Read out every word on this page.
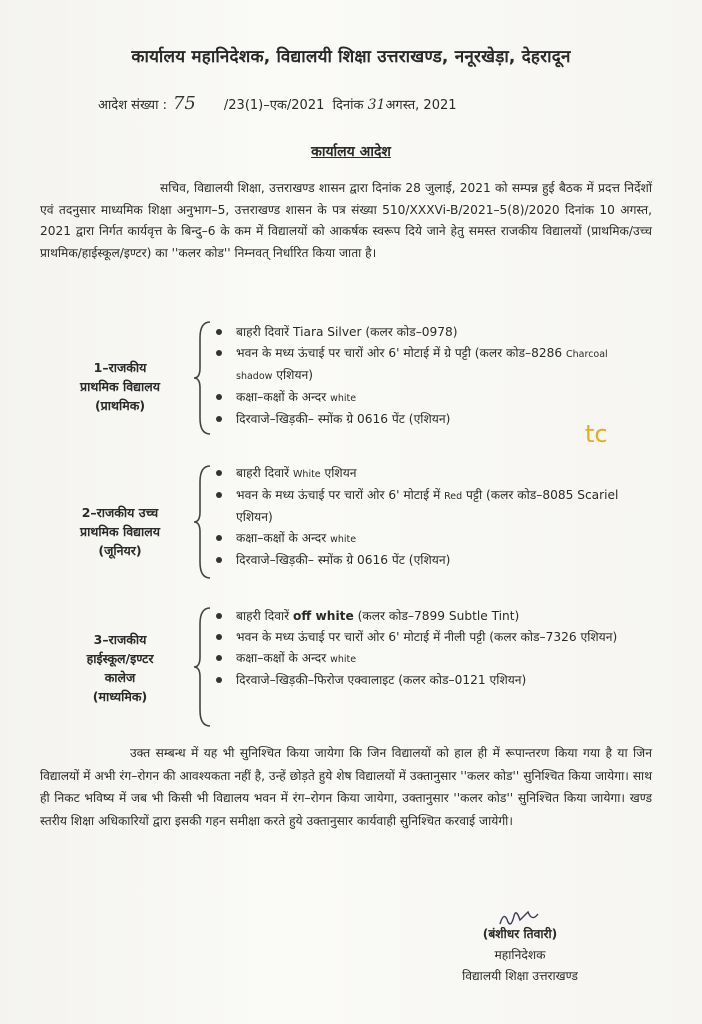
कार्यालय महानिदेशक, विद्यालयी शिक्षा उत्तराखण्ड, ननूरखेड़ा, देहरादून
आदेश संख्या : 75 /23(1)–एक/2021 दिनांक 31अगस्त, 2021
कार्यालय आदेश
सचिव, विद्यालयी शिक्षा, उत्तराखण्ड शासन द्वारा दिनांक 28 जुलाई, 2021 को सम्पन्न हुई बैठक में प्रदत्त निर्देशों एवं तदनुसार माध्यमिक शिक्षा अनुभाग–5, उत्तराखण्ड शासन के पत्र संख्या 510/XXXVi-B/2021–5(8)/2020 दिनांक 10 अगस्त, 2021 द्वारा निर्गत कार्यवृत्त के बिन्दु–6 के कम में विद्यालयों को आकर्षक स्वरूप दिये जाने हेतु समस्त राजकीय विद्यालयों (प्राथमिक/उच्च प्राथमिक/हाईस्कूल/इण्टर) का ''कलर कोड'' निम्नवत् निर्धारित किया जाता है।
1–राजकीय
प्राथमिक विद्यालय
(प्राथमिक)
बाहरी दिवारें Tiara Silver (कलर कोड–0978)
भवन के मध्य ऊंचाई पर चारों ओर 6' मोटाई में ग्रे पट्टी (कलर कोड–8286 Charcoal shadow एशियन)
कक्षा–कक्षों के अन्दर white
दिरवाजे–खिड़की– स्मोंक ग्रे 0616 पेंट (एशियन)
tc
2–राजकीय उच्च
प्राथमिक विद्यालय
(जूनियर)
बाहरी दिवारें White एशियन
भवन के मध्य ऊंचाई पर चारों ओर 6' मोटाई में Red पट्टी (कलर कोड–8085 Scariel एशियन)
कक्षा–कक्षों के अन्दर white
दिरवाजे–खिड़की– स्मोंक ग्रे 0616 पेंट (एशियन)
3–राजकीय
हाईस्कूल/इण्टर
कालेज
(माध्यमिक)
बाहरी दिवारें off white (कलर कोड–7899 Subtle Tint)
भवन के मध्य ऊंचाई पर चारों ओर 6' मोटाई में नीली पट्टी (कलर कोड–7326 एशियन)
कक्षा–कक्षों के अन्दर white
दिरवाजे–खिड़की–फिरोज एक्वालाइट (कलर कोड–0121 एशियन)
उक्त सम्बन्ध में यह भी सुनिश्चित किया जायेगा कि जिन विद्यालयों को हाल ही में रूपान्तरण किया गया है या जिन विद्यालयों में अभी रंग–रोगन की आवश्यकता नहीं है, उन्हें छोड़ते हुये शेष विद्यालयों में उक्तानुसार ''कलर कोड'' सुनिश्चित किया जायेगा। साथ ही निकट भविष्य में जब भी किसी भी विद्यालय भवन में रंग–रोगन किया जायेगा, उक्तानुसार ''कलर कोड'' सुनिश्चित किया जायेगा। खण्ड स्तरीय शिक्षा अधिकारियों द्वारा इसकी गहन समीक्षा करते हुये उक्तानुसार कार्यवाही सुनिश्चित करवाई जायेगी।
(बंशीधर तिवारी)
महानिदेशक
विद्यालयी शिक्षा उत्तराखण्ड
